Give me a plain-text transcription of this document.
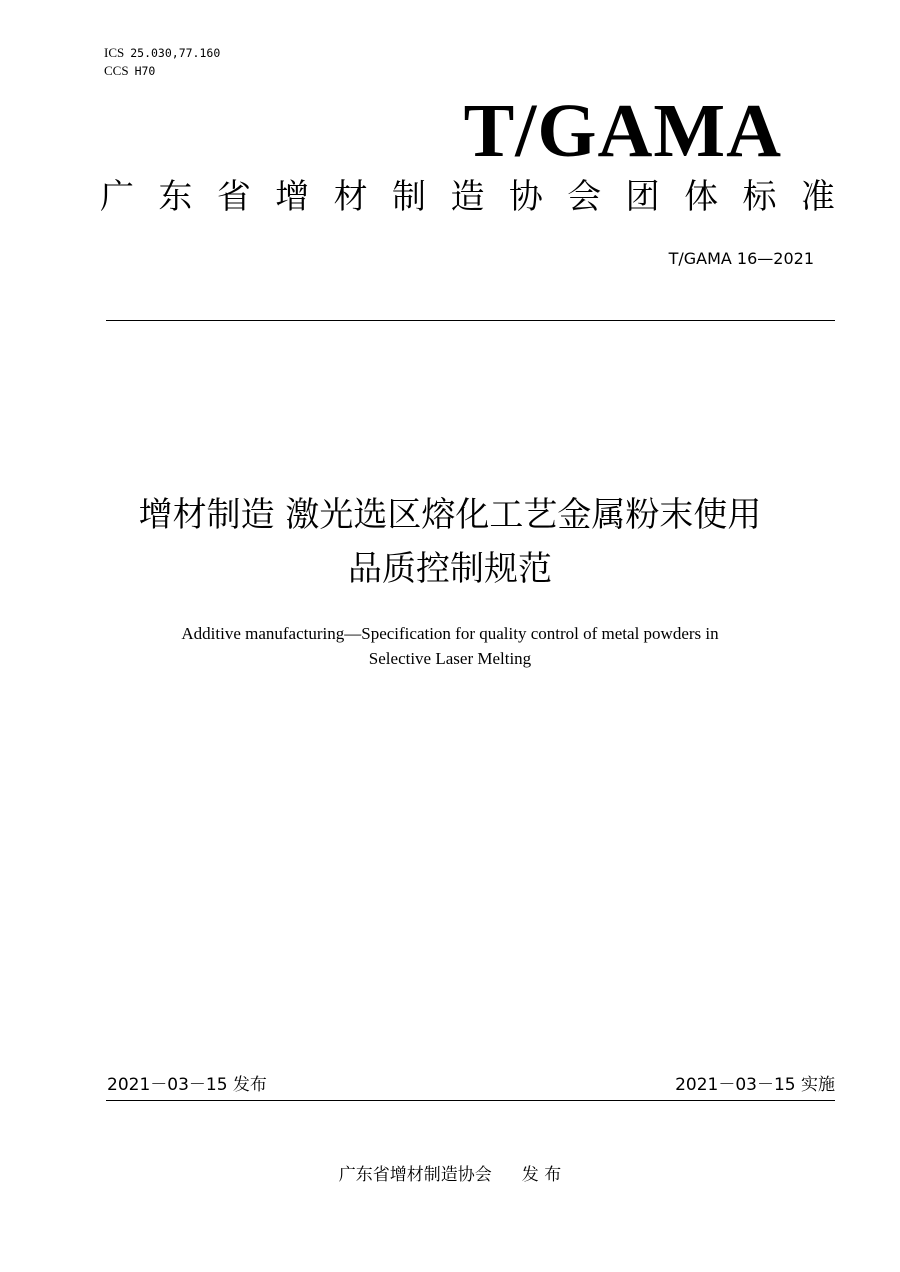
ICS 25.030,77.160
CCS H70
T/GAMA
广 东 省 增 材 制 造 协 会 团 体 标 准
T/GAMA 16—2021
增材制造 激光选区熔化工艺金属粉末使用
品质控制规范
Additive manufacturing—Specification for quality control of metal powders in
Selective Laser Melting
2021－03－15 发布	2021－03－15 实施
广东省增材制造协会 发 布
